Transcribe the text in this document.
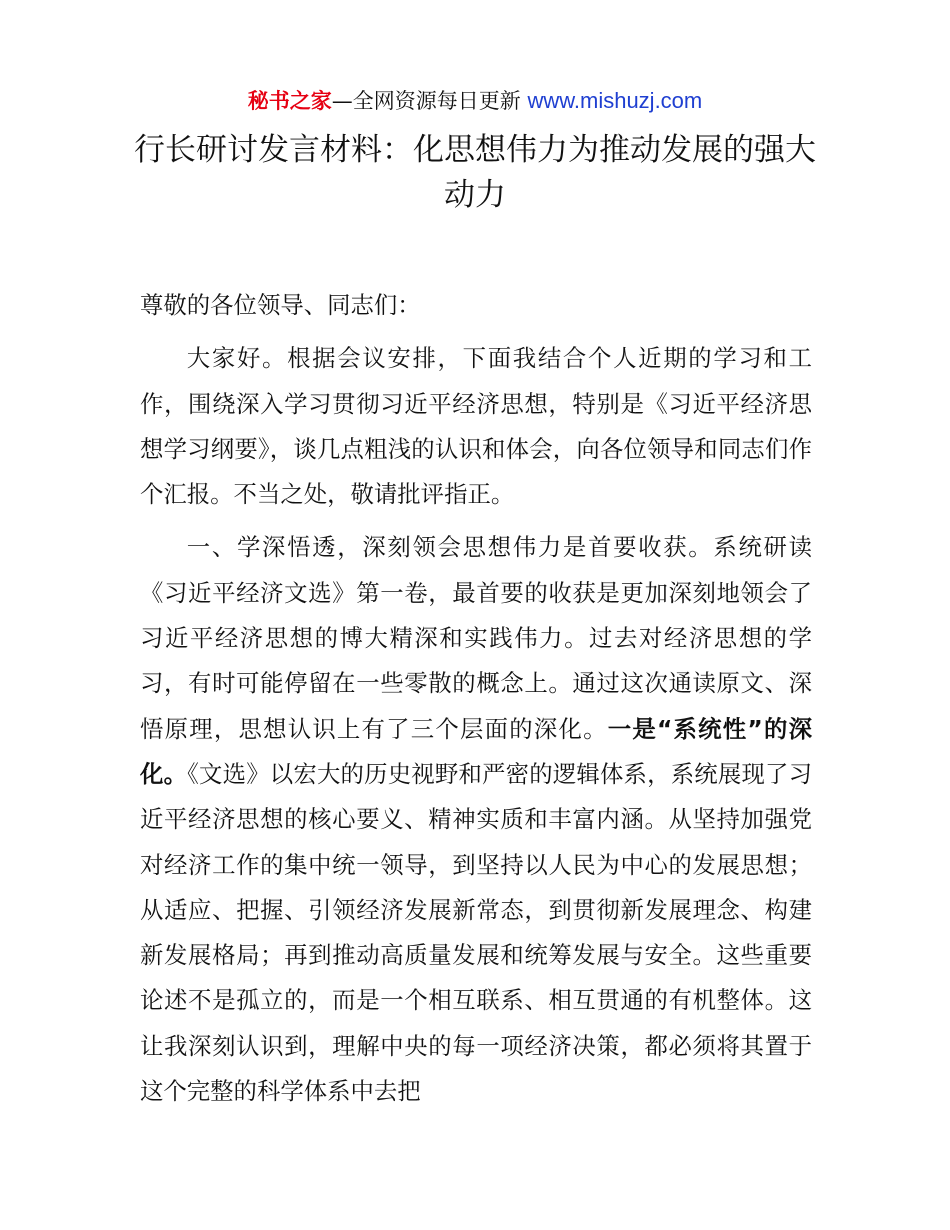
秘书之家—全网资源每日更新 www.mishuzj.com
行长研讨发言材料：化思想伟力为推动发展的强大动力

尊敬的各位领导、同志们：

大家好。根据会议安排，下面我结合个人近期的学习和工作，围绕深入学习贯彻习近平经济思想，特别是《习近平经济思想学习纲要》，谈几点粗浅的认识和体会，向各位领导和同志们作个汇报。不当之处，敬请批评指正。

一、学深悟透，深刻领会思想伟力是首要收获。系统研读《习近平经济文选》第一卷，最首要的收获是更加深刻地领会了习近平经济思想的博大精深和实践伟力。过去对经济思想的学习，有时可能停留在一些零散的概念上。通过这次通读原文、深悟原理，思想认识上有了三个层面的深化。一是“系统性”的深化。《文选》以宏大的历史视野和严密的逻辑体系，系统展现了习近平经济思想的核心要义、精神实质和丰富内涵。从坚持加强党对经济工作的集中统一领导，到坚持以人民为中心的发展思想；从适应、把握、引领经济发展新常态，到贯彻新发展理念、构建新发展格局；再到推动高质量发展和统筹发展与安全。这些重要论述不是孤立的，而是一个相互联系、相互贯通的有机整体。这让我深刻认识到，理解中央的每一项经济决策，都必须将其置于这个完整的科学体系中去把
